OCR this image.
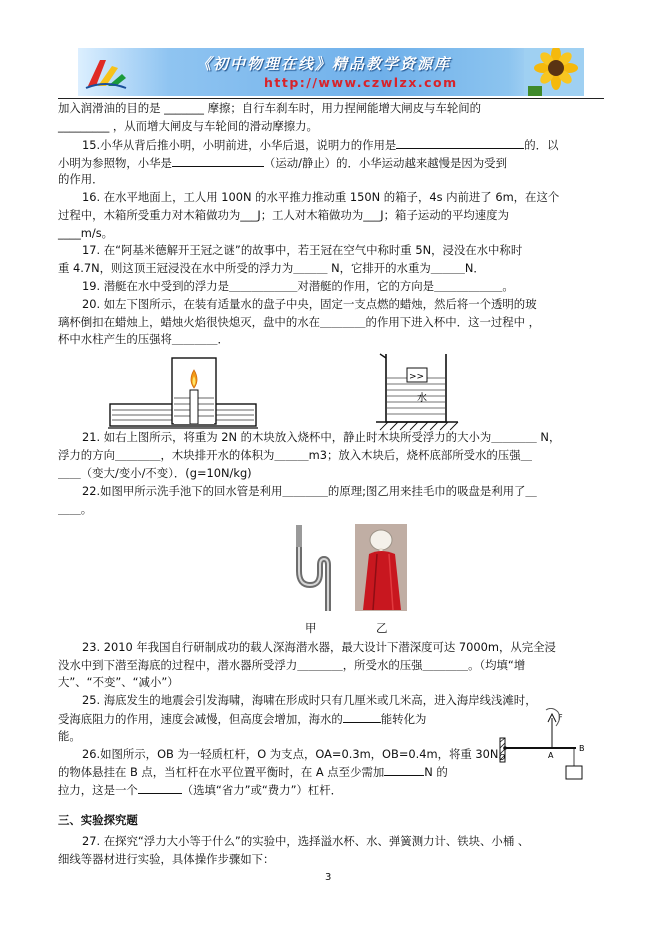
《初中物理在线》精品教学资源库
http://www.czwlzx.com
加入润滑油的目的是 _______ 摩擦；自行车刹车时，用力捏闸能增大闸皮与车轮间的
_________ ，从而增大闸皮与车轮间的滑动摩擦力。
15.小华从背后推小明，小明前进，小华后退，说明力的作用是	的．以
小明为参照物，小华是	（运动/静止）的．小华运动越来越慢是因为受到
的作用．
16. 在水平地面上，工人用 100N 的水平推力推动重 150N 的箱子，4s 内前进了 6m，在这个
过程中，木箱所受重力对木箱做功为___J；工人对木箱做功为___J；箱子运动的平均速度为
____m/s。
17. 在“阿基米德解开王冠之谜”的故事中，若王冠在空气中称时重 5N，浸没在水中称时
重 4.7N，则这顶王冠浸没在水中所受的浮力为＿＿＿ N，它排开的水重为＿＿＿N．
19. 潜艇在水中受到的浮力是＿＿＿＿＿＿对潜艇的作用，它的方向是＿＿＿＿＿＿。
20. 如左下图所示，在装有适量水的盘子中央，固定一支点燃的蜡烛，然后将一个透明的玻
璃杯倒扣在蜡烛上，蜡烛火焰很快熄灭，盘中的水在＿＿＿＿的作用下进入杯中．这一过程中 ，
杯中水柱产生的压强将＿＿＿＿．
>>
水
21. 如右上图所示，将重为 2N 的木块放入烧杯中，静止时木块所受浮力的大小为＿＿＿＿ N，
浮力的方向＿＿＿＿，木块排开水的体积为＿＿＿m3；放入木块后，烧杯底部所受水的压强＿
＿＿（变大/变小/不变）．(g=10N/kg)
22.如图甲所示洗手池下的回水管是利用＿＿＿＿的原理;图乙用来挂毛巾的吸盘是利用了＿
＿＿。
甲	乙
23. 2010 年我国自行研制成功的载人深海潜水器，最大设计下潜深度可达 7000m，从完全浸
没水中到下潜至海底的过程中，潜水器所受浮力＿＿＿＿，所受水的压强＿＿＿＿。（均填“增
大”、“不变”、“减小”）
25. 海底发生的地震会引发海啸，海啸在形成时只有几厘米或几米高，进入海岸线浅滩时，
受海底阻力的作用，速度会减慢，但高度会增加，海水的	能转化为
能。
O	A
B
F
26.如图所示，OB 为一轻质杠杆，O 为支点，OA=0.3m，OB=0.4m，将重 30N
的物体悬挂在 B 点，当杠杆在水平位置平衡时，在 A 点至少需加	N 的
拉力，这是一个	（选填“省力”或“费力”）杠杆．
三、实验探究题
27. 在探究“浮力大小等于什么”的实验中，选择溢水杯、水、弹簧测力计、铁块、小桶 、
细线等器材进行实验，具体操作步骤如下：
3
